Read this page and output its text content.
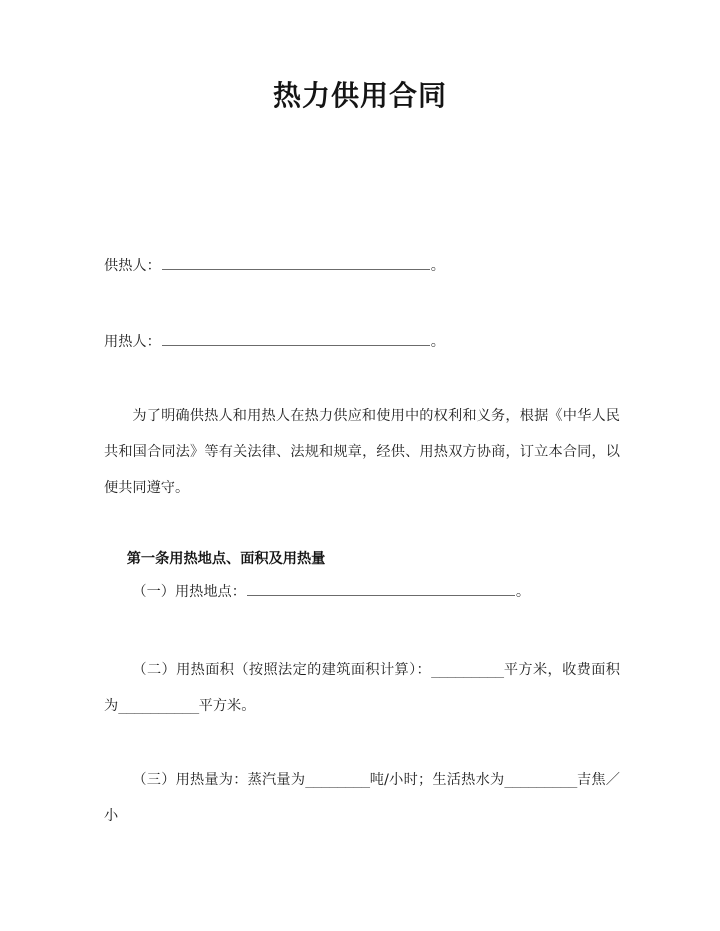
热力供用合同

供热人：	。

用热人：	。

为了明确供热人和用热人在热力供应和使用中的权利和义务，根据《中华人民共和国合同法》等有关法律、法规和规章，经供、用热双方协商，订立本合同，以便共同遵守。

第一条用热地点、面积及用热量

（一）用热地点：	。

（二）用热面积（按照法定的建筑面积计算）：_________平方米，收费面积为__________平方米。

（三）用热量为：蒸汽量为________吨/小时；生活热水为_________吉焦／小
